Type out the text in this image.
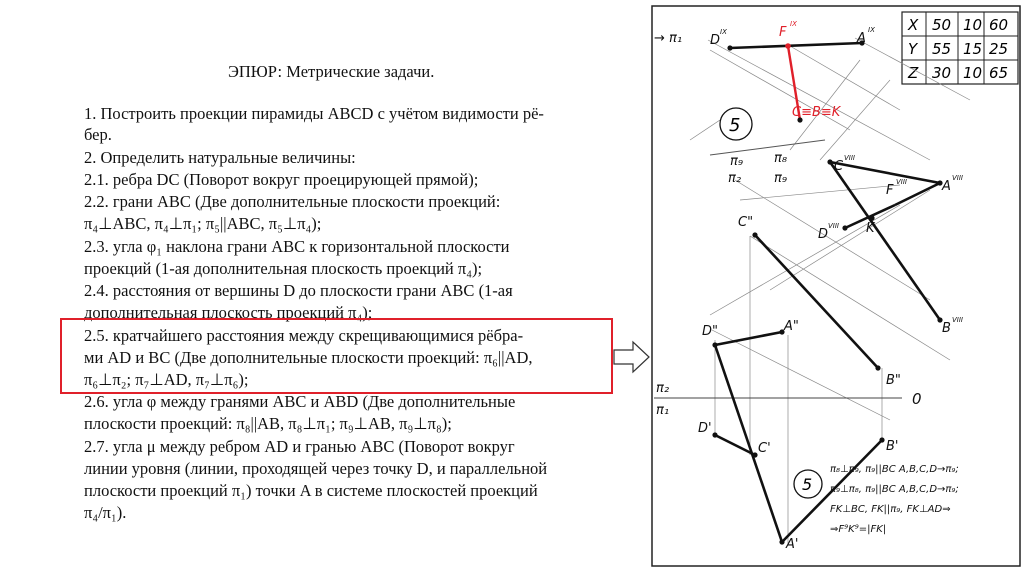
ЭПЮР: Метрические задачи.
1. Построить проекции пирамиды ABCD с учётом видимости рё-
бер.
2. Определить натуральные величины:
2.1. ребра DC (Поворот вокруг проецирующей прямой);
2.2. грани ABC (Две дополнительные плоскости проекций:
π₄⊥ABC, π₄⊥π₁; π₅||ABC, π₅⊥π₄);
2.3. угла φ₁ наклона грани ABC к горизонтальной плоскости
проекций (1-ая дополнительная плоскость проекций π₄);
2.4. расстояния от вершины D до плоскости грани ABC (1-ая
дополнительная плоскость проекций π₄);
2.5. кратчайшего расстояния между скрещивающимися рёбра-
ми AD и BC (Две дополнительные плоскости проекций: π₆||AD,
π₆⊥π₂; π₇⊥AD, π₇⊥π₆);
2.6. угла φ между гранями ABC и ABD (Две дополнительные
плоскости проекций: π₈||AB, π₈⊥π₁; π₉⊥AB, π₉⊥π₈);
2.7. угла μ между ребром AD и гранью ABC (Поворот вокруг
линии уровня (линии, проходящей через точку D, и параллельной
плоскости проекций π₁) точки A в системе плоскостей проекций
π₄/π₁).
X 50 10 60
Y 55 15 25
Z 30 10 65
→ π₁ D
IX	F
IX
A
IX
C≡B≡K
π₉ π₈
π₉
π₂
C
VIII
F
VIII	A
VIII
D
VIII K
B
VIII
C"
D"	A"
B"
π₂
π₁
0
D'
C'	B'
A'
5
5
π₈⊥π₉, π₉||BC A,B,C,D→π₉;
π₉⊥π₈, π₉||BC A,B,C,D→π₉;
FK⊥BC, FK||π₉, FK⊥AD⇒
⇒F⁹K⁹=|FK|
